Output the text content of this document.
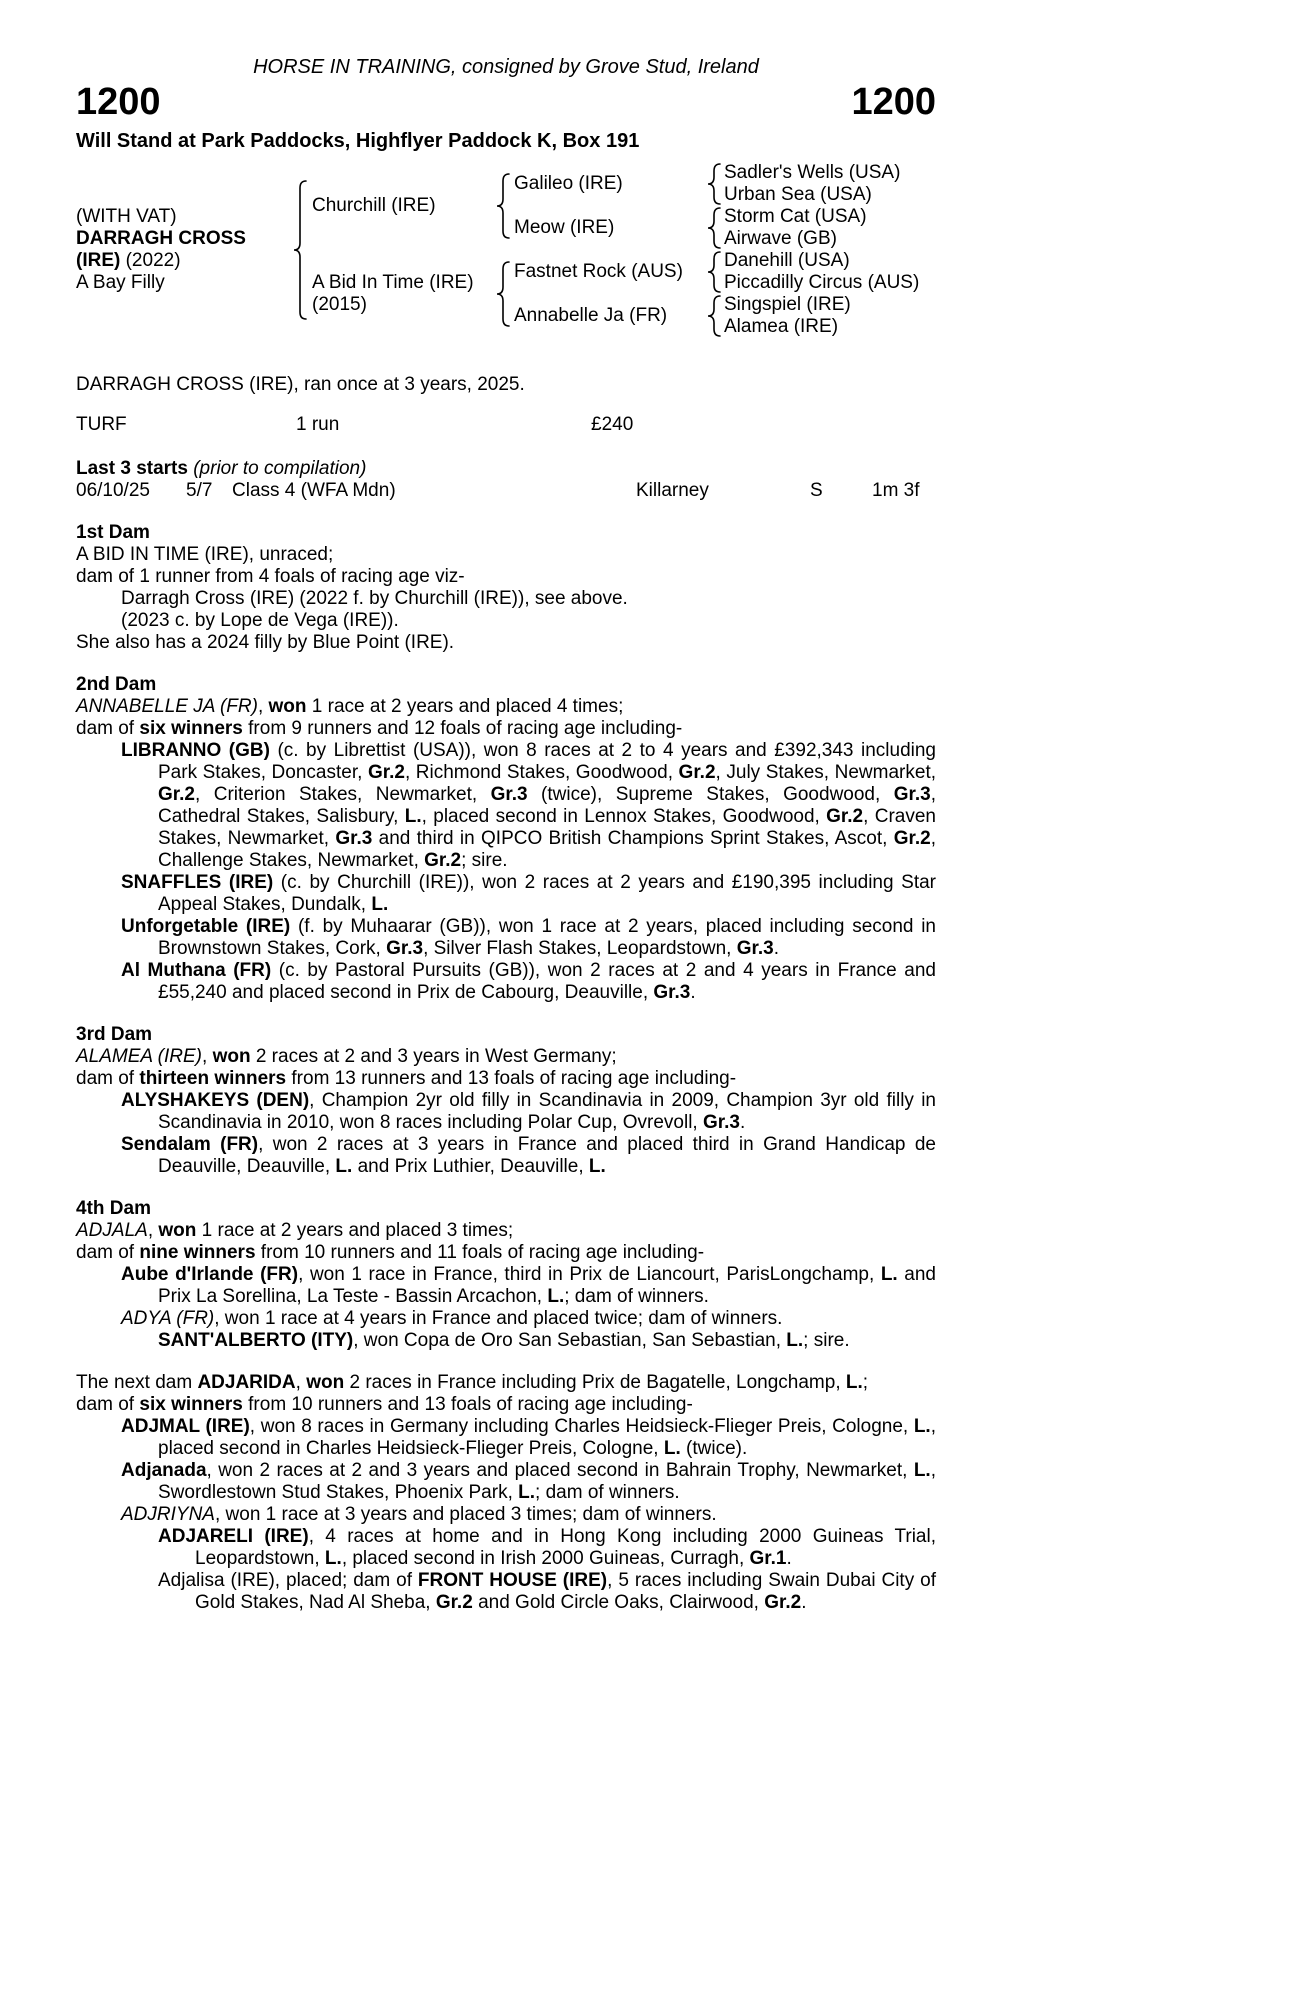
HORSE IN TRAINING, consigned by Grove Stud, Ireland
1200	1200
Will Stand at Park Paddocks, Highflyer Paddock K, Box 191
(WITH VAT)
DARRAGH CROSS
(IRE) (2022)
A Bay Filly
Churchill (IRE)
A Bid In Time (IRE)
(2015)
Galileo (IRE)
Meow (IRE)
Fastnet Rock (AUS)
Annabelle Ja (FR)
Sadler's Wells (USA)
Urban Sea (USA)
Storm Cat (USA)
Airwave (GB)
Danehill (USA)
Piccadilly Circus (AUS)
Singspiel (IRE)
Alamea (IRE)
DARRAGH CROSS (IRE), ran once at 3 years, 2025.
TURF	1 run	£240
Last 3 starts (prior to compilation)
06/10/25	5/7	Class 4 (WFA Mdn)	Killarney	S	1m 3f
1st Dam
A BID IN TIME (IRE), unraced;
dam of 1 runner from 4 foals of racing age viz-
Darragh Cross (IRE) (2022 f. by Churchill (IRE)), see above.
(2023 c. by Lope de Vega (IRE)).
She also has a 2024 filly by Blue Point (IRE).
2nd Dam
ANNABELLE JA (FR), won 1 race at 2 years and placed 4 times;
dam of six winners from 9 runners and 12 foals of racing age including-
LIBRANNO (GB) (c. by Librettist (USA)), won 8 races at 2 to 4 years and £392,343 including Park Stakes, Doncaster, Gr.2, Richmond Stakes, Goodwood, Gr.2, July Stakes, Newmarket, Gr.2, Criterion Stakes, Newmarket, Gr.3 (twice), Supreme Stakes, Goodwood, Gr.3, Cathedral Stakes, Salisbury, L., placed second in Lennox Stakes, Goodwood, Gr.2, Craven Stakes, Newmarket, Gr.3 and third in QIPCO British Champions Sprint Stakes, Ascot, Gr.2, Challenge Stakes, Newmarket, Gr.2; sire.
SNAFFLES (IRE) (c. by Churchill (IRE)), won 2 races at 2 years and £190,395 including Star Appeal Stakes, Dundalk, L.
Unforgetable (IRE) (f. by Muhaarar (GB)), won 1 race at 2 years, placed including second in Brownstown Stakes, Cork, Gr.3, Silver Flash Stakes, Leopardstown, Gr.3.
Al Muthana (FR) (c. by Pastoral Pursuits (GB)), won 2 races at 2 and 4 years in France and £55,240 and placed second in Prix de Cabourg, Deauville, Gr.3.
3rd Dam
ALAMEA (IRE), won 2 races at 2 and 3 years in West Germany;
dam of thirteen winners from 13 runners and 13 foals of racing age including-
ALYSHAKEYS (DEN), Champion 2yr old filly in Scandinavia in 2009, Champion 3yr old filly in Scandinavia in 2010, won 8 races including Polar Cup, Ovrevoll, Gr.3.
Sendalam (FR), won 2 races at 3 years in France and placed third in Grand Handicap de Deauville, Deauville, L. and Prix Luthier, Deauville, L.
4th Dam
ADJALA, won 1 race at 2 years and placed 3 times;
dam of nine winners from 10 runners and 11 foals of racing age including-
Aube d'Irlande (FR), won 1 race in France, third in Prix de Liancourt, ParisLongchamp, L. and Prix La Sorellina, La Teste - Bassin Arcachon, L.; dam of winners.
ADYA (FR), won 1 race at 4 years in France and placed twice; dam of winners.
SANT'ALBERTO (ITY), won Copa de Oro San Sebastian, San Sebastian, L.; sire.
The next dam ADJARIDA, won 2 races in France including Prix de Bagatelle, Longchamp, L.;
dam of six winners from 10 runners and 13 foals of racing age including-
ADJMAL (IRE), won 8 races in Germany including Charles Heidsieck-Flieger Preis, Cologne, L., placed second in Charles Heidsieck-Flieger Preis, Cologne, L. (twice).
Adjanada, won 2 races at 2 and 3 years and placed second in Bahrain Trophy, Newmarket, L., Swordlestown Stud Stakes, Phoenix Park, L.; dam of winners.
ADJRIYNA, won 1 race at 3 years and placed 3 times; dam of winners.
ADJARELI (IRE), 4 races at home and in Hong Kong including 2000 Guineas Trial, Leopardstown, L., placed second in Irish 2000 Guineas, Curragh, Gr.1.
Adjalisa (IRE), placed; dam of FRONT HOUSE (IRE), 5 races including Swain Dubai City of Gold Stakes, Nad Al Sheba, Gr.2 and Gold Circle Oaks, Clairwood, Gr.2.
